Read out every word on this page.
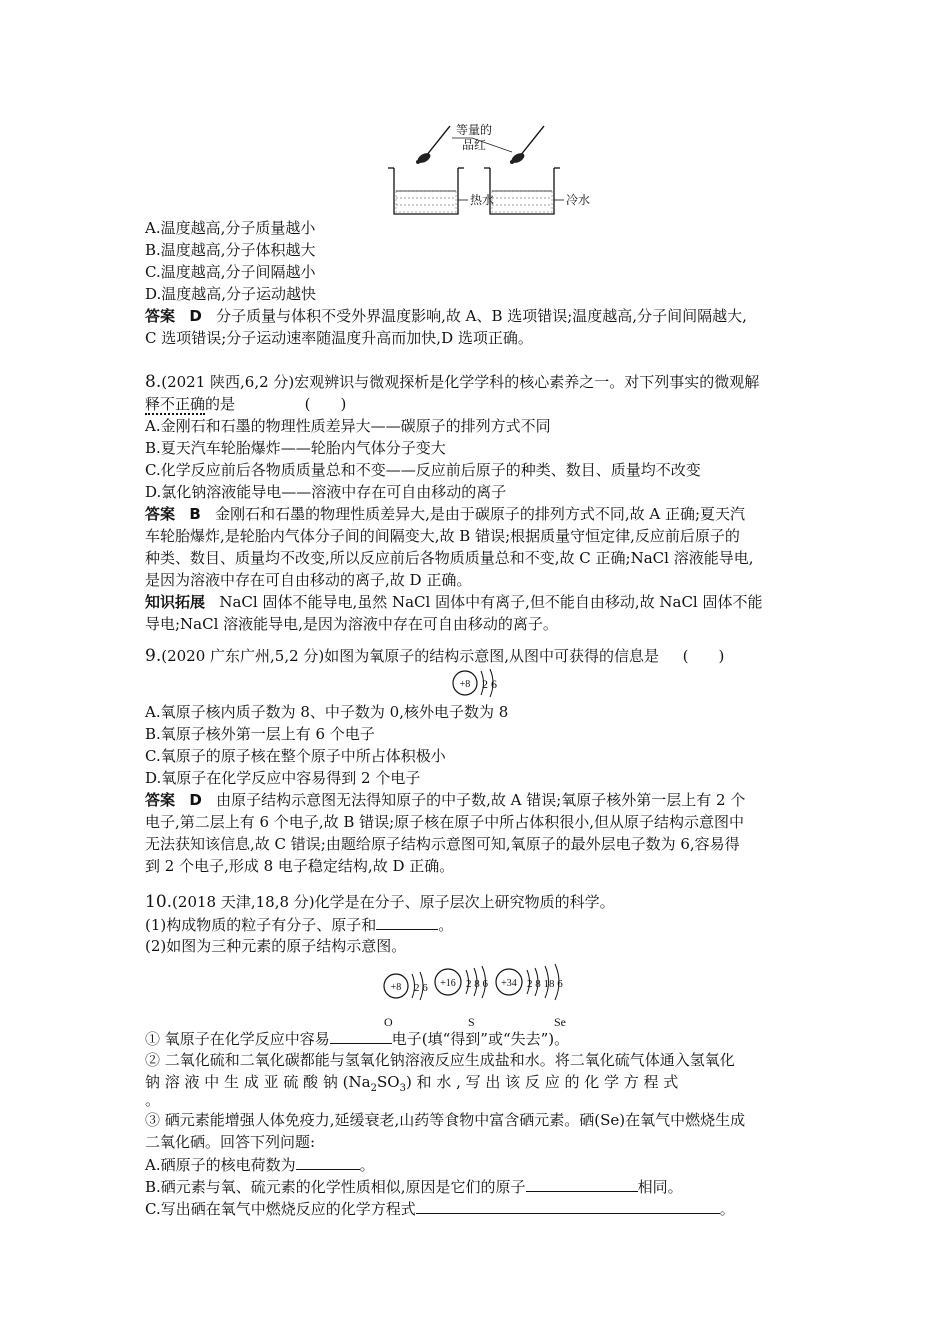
等量的
品红
热水	冷水
A.温度越高,分子质量越小
B.温度越高,分子体积越大
C.温度越高,分子间隔越小
D.温度越高,分子运动越快
答案 D 分子质量与体积不受外界温度影响,故 A、B 选项错误;温度越高,分子间间隔越大,
C 选项错误;分子运动速率随温度升高而加快,D 选项正确。
8.(2021 陕西,6,2 分)宏观辨识与微观探析是化学学科的核心素养之一。对下列事实的微观解
释不正确的是	(　　)
A.金刚石和石墨的物理性质差异大——碳原子的排列方式不同
B.夏天汽车轮胎爆炸——轮胎内气体分子变大
C.化学反应前后各物质质量总和不变——反应前后原子的种类、数目、质量均不改变
D.氯化钠溶液能导电——溶液中存在可自由移动的离子
答案 B 金刚石和石墨的物理性质差异大,是由于碳原子的排列方式不同,故 A 正确;夏天汽
车轮胎爆炸,是轮胎内气体分子间的间隔变大,故 B 错误;根据质量守恒定律,反应前后原子的
种类、数目、质量均不改变,所以反应前后各物质质量总和不变,故 C 正确;NaCl 溶液能导电,
是因为溶液中存在可自由移动的离子,故 D 正确。
知识拓展 NaCl 固体不能导电,虽然 NaCl 固体中有离子,但不能自由移动,故 NaCl 固体不能
导电;NaCl 溶液能导电,是因为溶液中存在可自由移动的离子。
9.(2020 广东广州,5,2 分)如图为氧原子的结构示意图,从图中可获得的信息是 (　　)
+8 2 6
A.氧原子核内质子数为 8、中子数为 0,核外电子数为 8
B.氧原子核外第一层上有 6 个电子
C.氧原子的原子核在整个原子中所占体积极小
D.氧原子在化学反应中容易得到 2 个电子
答案 D 由原子结构示意图无法得知原子的中子数,故 A 错误;氧原子核外第一层上有 2 个
电子,第二层上有 6 个电子,故 B 错误;原子核在原子中所占体积很小,但从原子结构示意图中
无法获知该信息,故 C 错误;由题给原子结构示意图可知,氧原子的最外层电子数为 6,容易得
到 2 个电子,形成 8 电子稳定结构,故 D 正确。
10.(2018 天津,18,8 分)化学是在分子、原子层次上研究物质的科学。
(1)构成物质的粒子有分子、原子和	。
(2)如图为三种元素的原子结构示意图。
+8 2 6
O
+16 2 8 6
S
+34 2 8 18 6
Se
① 氧原子在化学反应中容易	电子(填“得到”或“失去”)。
② 二氧化硫和二氧化碳都能与氢氧化钠溶液反应生成盐和水。将二氧化硫气体通入氢氧化
钠 溶 液 中 生 成 亚 硫 酸 钠 $(Na_2SO_3)$ 和 水 , 写 出 该 反 应 的 化 学 方 程 式
。
③ 硒元素能增强人体免疫力,延缓衰老,山药等食物中富含硒元素。硒(Se)在氧气中燃烧生成
二氧化硒。回答下列问题:
A.硒原子的核电荷数为	。
B.硒元素与氧、硫元素的化学性质相似,原因是它们的原子	相同。
C.写出硒在氧气中燃烧反应的化学方程式	。
